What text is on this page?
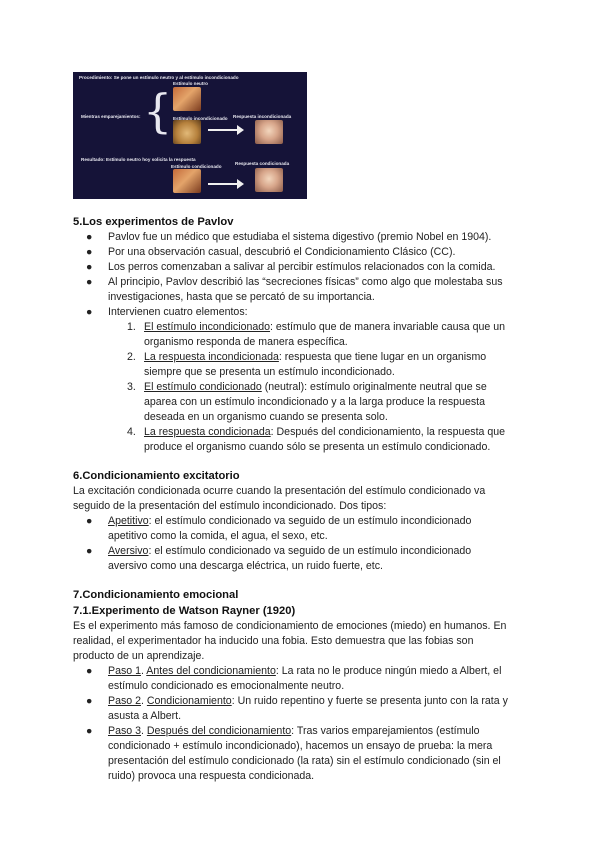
Procedimiento: Se pone un estímulo neutro y al estímulo incondicionado
Estímulo neutro
Mientras emparejamientos: { Estímulo incondicionado Respuesta incondicionada
Resultado: Estímulo neutro hoy solicita la respuesta
Estímulo condicionado
Respuesta condicionada
5.Los experimentos de Pavlov
● Pavlov fue un médico que estudiaba el sistema digestivo (premio Nobel en 1904).
● Por una observación casual, descubrió el Condicionamiento Clásico (CC).
● Los perros comenzaban a salivar al percibir estímulos relacionados con la comida.
● Al principio, Pavlov describió las “secreciones físicas” como algo que molestaba sus
investigaciones, hasta que se percató de su importancia.
● Intervienen cuatro elementos:
1. El estímulo incondicionado: estímulo que de manera invariable causa que un
organismo responda de manera específica.
2. La respuesta incondicionada: respuesta que tiene lugar en un organismo
siempre que se presenta un estímulo incondicionado.
3. El estímulo condicionado (neutral): estímulo originalmente neutral que se
aparea con un estímulo incondicionado y a la larga produce la respuesta
deseada en un organismo cuando se presenta solo.
4. La respuesta condicionada: Después del condicionamiento, la respuesta que
produce el organismo cuando sólo se presenta un estímulo condicionado.
6.Condicionamiento excitatorio

La excitación condicionada ocurre cuando la presentación del estímulo condicionado va
seguido de la presentación del estímulo incondicionado. Dos tipos:

● Apetitivo: el estímulo condicionado va seguido de un estímulo incondicionado
apetitivo como la comida, el agua, el sexo, etc.
● Aversivo: el estímulo condicionado va seguido de un estímulo incondicionado
aversivo como una descarga eléctrica, un ruido fuerte, etc.
7.Condicionamiento emocional
7.1.Experimento de Watson Rayner (1920)

Es el experimento más famoso de condicionamiento de emociones (miedo) en humanos. En
realidad, el experimentador ha inducido una fobia. Esto demuestra que las fobias son
producto de un aprendizaje.

● Paso 1. Antes del condicionamiento: La rata no le produce ningún miedo a Albert, el
estímulo condicionado es emocionalmente neutro.
● Paso 2. Condicionamiento: Un ruido repentino y fuerte se presenta junto con la rata y
asusta a Albert.
● Paso 3. Después del condicionamiento: Tras varios emparejamientos (estímulo
condicionado + estímulo incondicionado), hacemos un ensayo de prueba: la mera
presentación del estímulo condicionado (la rata) sin el estímulo condicionado (sin el
ruido) provoca una respuesta condicionada.
